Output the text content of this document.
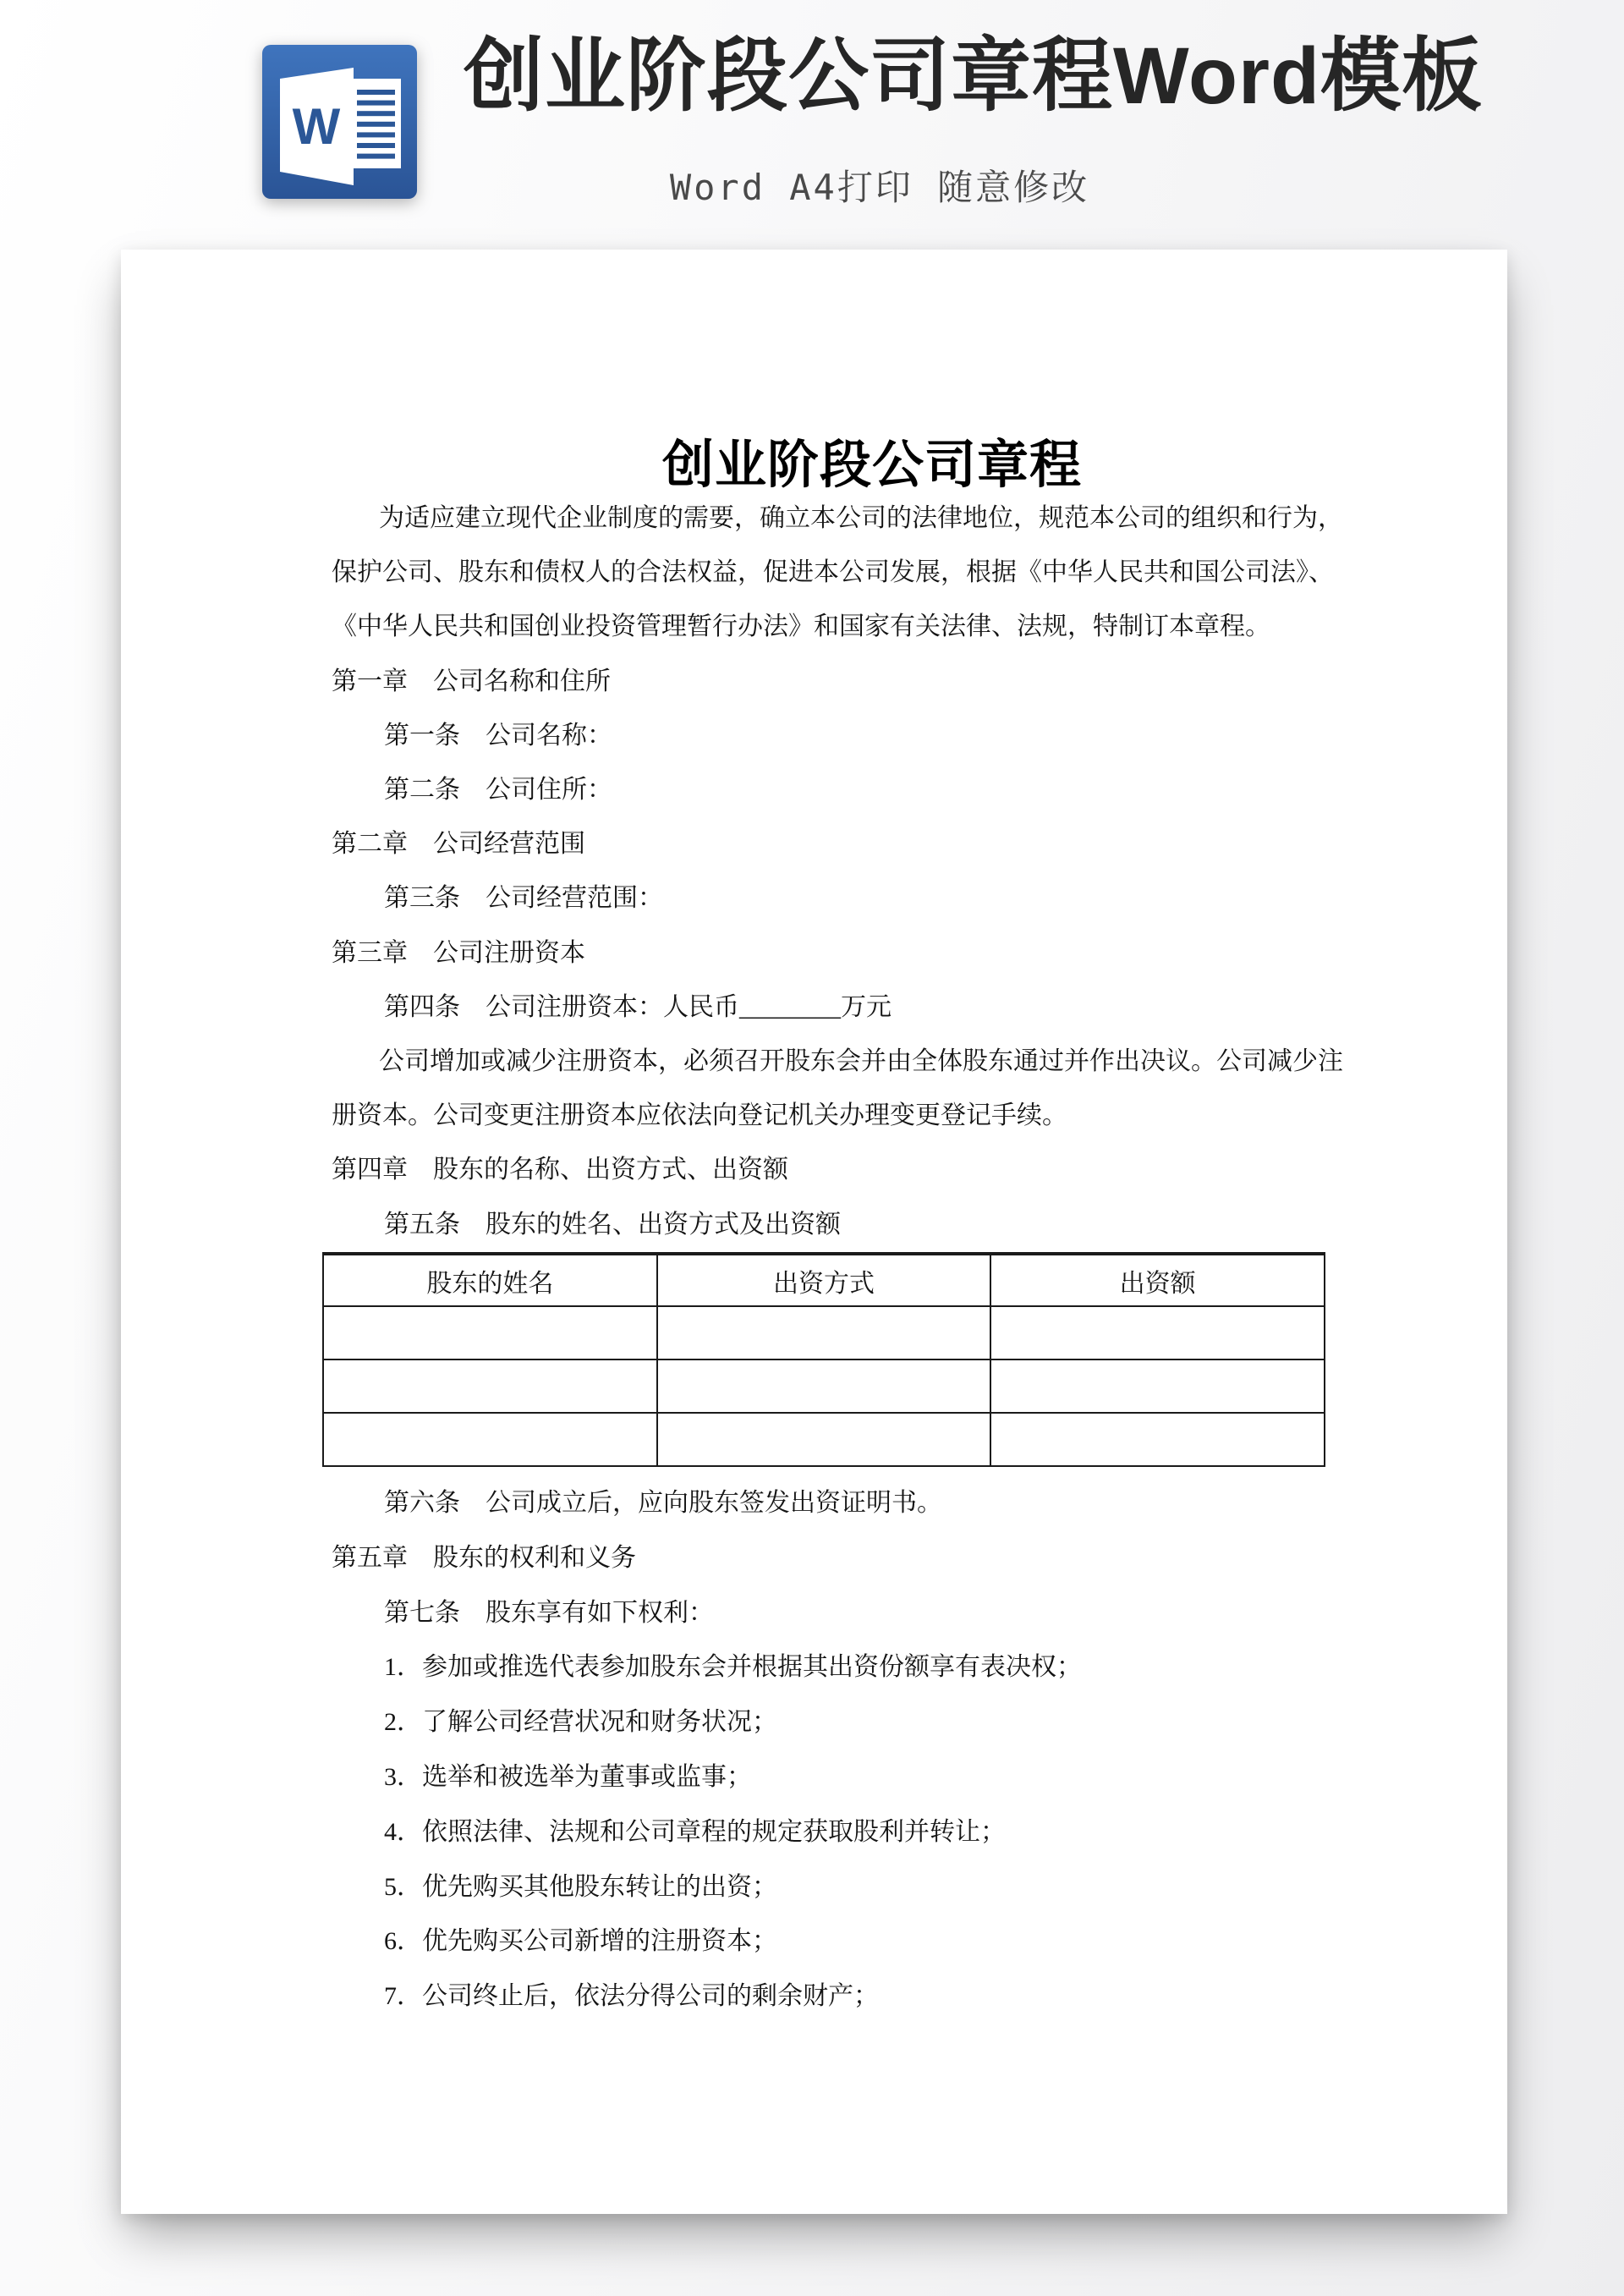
W
创业阶段公司章程Word模板
Word A4打印 随意修改
创业阶段公司章程
为适应建立现代企业制度的需要，确立本公司的法律地位，规范本公司的组织和行为，
保护公司、股东和债权人的合法权益，促进本公司发展，根据《中华人民共和国公司法》、
《中华人民共和国创业投资管理暂行办法》和国家有关法律、法规，特制订本章程。
第一章　公司名称和住所
第一条　公司名称：
第二条　公司住所：
第二章　公司经营范围
第三条　公司经营范围：
第三章　公司注册资本
第四条　公司注册资本：人民币________万元
公司增加或减少注册资本，必须召开股东会并由全体股东通过并作出决议。公司减少注
册资本。公司变更注册资本应依法向登记机关办理变更登记手续。
第四章　股东的名称、出资方式、出资额
第五条　股东的姓名、出资方式及出资额
股东的姓名	出资方式	出资额

第六条　公司成立后，应向股东签发出资证明书。
第五章　股东的权利和义务
第七条　股东享有如下权利：
1．参加或推选代表参加股东会并根据其出资份额享有表决权；
2．了解公司经营状况和财务状况；
3．选举和被选举为董事或监事；
4．依照法律、法规和公司章程的规定获取股利并转让；
5．优先购买其他股东转让的出资；
6．优先购买公司新增的注册资本；
7．公司终止后，依法分得公司的剩余财产；
